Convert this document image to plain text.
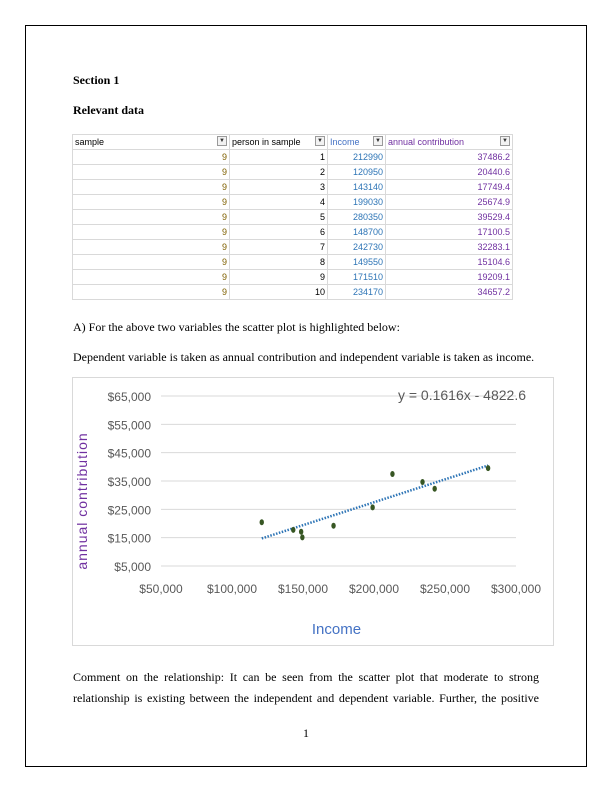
Section 1
Relevant data
sample ▼	person in sample ▼	Income ▼	annual contribution ▼

9	1	212990	37486.2
9	2	120950	20440.6
9	3	143140	17749.4
9	4	199030	25674.9
9	5	280350	39529.4
9	6	148700	17100.5
9	7	242730	32283.1
9	8	149550	15104.6
9	9	171510	19209.1
9	10	234170	34657.2
A) For the above two variables the scatter plot is highlighted below:
Dependent variable is taken as annual contribution and independent variable is taken as income.
$65,000
$55,000
$45,000
$35,000
$25,000
$15,000
$5,000
$50,000 $100,000 $150,000 $200,000 $250,000 $300,000
y = 0.1616x - 4822.6
Income
annual contribution
Comment on the relationship: It can be seen from the scatter plot that moderate to strong
relationship is existing between the independent and dependent variable. Further, the positive
1
